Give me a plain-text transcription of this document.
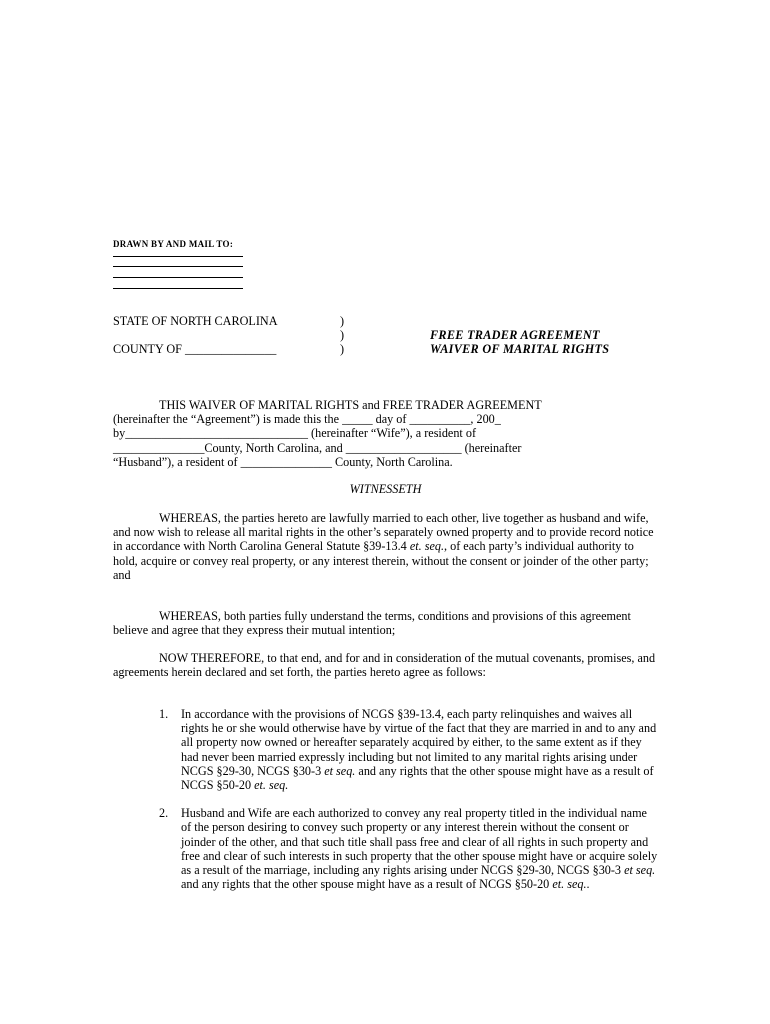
DRAWN BY AND MAIL TO:
STATE OF NORTH CAROLINA
COUNTY OF _______________
)
)
)
FREE TRADER AGREEMENT
WAIVER OF MARITAL RIGHTS
THIS WAIVER OF MARITAL RIGHTS and FREE TRADER AGREEMENT
(hereinafter the “Agreement”) is made this the _____ day of __________, 200_
by______________________________ (hereinafter “Wife”), a resident of
_______________County, North Carolina, and ___________________ (hereinafter
“Husband”), a resident of _______________ County, North Carolina.
WITNESSETH
WHEREAS, the parties hereto are lawfully married to each other, live together as husband and wife, and now wish to release all marital rights in the other’s separately owned property and to provide record notice in accordance with North Carolina General Statute §39-13.4 et. seq., of each party’s individual authority to hold, acquire or convey real property, or any interest therein, without the consent or joinder of the other party; and
WHEREAS, both parties fully understand the terms, conditions and provisions of this agreement believe and agree that they express their mutual intention;
NOW THEREFORE, to that end, and for and in consideration of the mutual covenants, promises, and agreements herein declared and set forth, the parties hereto agree as follows:
1. In accordance with the provisions of NCGS §39-13.4, each party relinquishes and waives all rights he or she would otherwise have by virtue of the fact that they are married in and to any and all property now owned or hereafter separately acquired by either, to the same extent as if they had never been married expressly including but not limited to any marital rights arising under NCGS §29-30, NCGS §30-3 et seq. and any rights that the other spouse might have as a result of NCGS §50-20 et. seq.
2. Husband and Wife are each authorized to convey any real property titled in the individual name of the person desiring to convey such property or any interest therein without the consent or joinder of the other, and that such title shall pass free and clear of all rights in such property and free and clear of such interests in such property that the other spouse might have or acquire solely as a result of the marriage, including any rights arising under NCGS §29-30, NCGS §30-3 et seq. and any rights that the other spouse might have as a result of NCGS §50-20 et. seq..
